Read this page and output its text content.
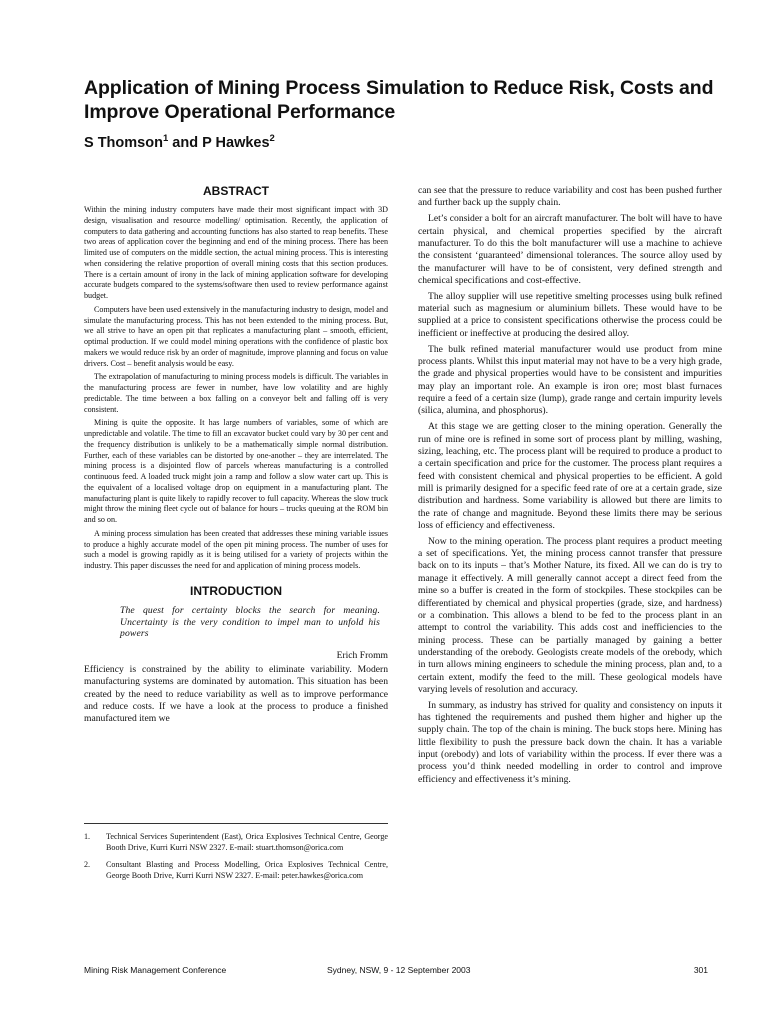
Application of Mining Process Simulation to Reduce Risk, Costs and Improve Operational Performance
S Thomson$^1$ and P Hawkes$^2$
ABSTRACT

Within the mining industry computers have made their most significant impact with 3D design, visualisation and resource modelling/ optimisation. Recently, the application of computers to data gathering and accounting functions has also started to reap benefits. These two areas of application cover the beginning and end of the mining process. There has been limited use of computers on the middle section, the actual mining process. This is interesting when considering the relative proportion of overall mining costs that this section produces. There is a certain amount of irony in the lack of mining application software for developing accurate budgets compared to the systems/software then used to review performance against budget.

Computers have been used extensively in the manufacturing industry to design, model and simulate the manufacturing process. This has not been extended to the mining process. But, we all strive to have an open pit that replicates a manufacturing plant – smooth, efficient, optimal production. If we could model mining operations with the confidence of plastic box makers we would reduce risk by an order of magnitude, improve planning and focus on value drivers. Cost – benefit analysis would be easy.

The extrapolation of manufacturing to mining process models is difficult. The variables in the manufacturing process are fewer in number, have low volatility and are highly predictable. The time between a box falling on a conveyor belt and falling off is very consistent.

Mining is quite the opposite. It has large numbers of variables, some of which are unpredictable and volatile. The time to fill an excavator bucket could vary by 30 per cent and the frequency distribution is unlikely to be a mathematically simple normal distribution. Further, each of these variables can be distorted by one-another – they are interrelated. The mining process is a disjointed flow of parcels whereas manufacturing is a controlled continuous feed. A loaded truck might join a ramp and follow a slow water cart up. This is the equivalent of a localised voltage drop on equipment in a manufacturing plant. The manufacturing plant is quite likely to rapidly recover to full capacity. Whereas the slow truck might throw the mining fleet cycle out of balance for hours – trucks queuing at the ROM bin and so on.

A mining process simulation has been created that addresses these mining variable issues to produce a highly accurate model of the open pit mining process. The number of uses for such a model is growing rapidly as it is being utilised for a variety of projects within the industry. This paper discusses the need for and application of mining process models.

INTRODUCTION

The quest for certainty blocks the search for meaning. Uncertainty is the very condition to impel man to unfold his powers

Erich Fromm

Efficiency is constrained by the ability to eliminate variability. Modern manufacturing systems are dominated by automation. This situation has been created by the need to reduce variability as well as to improve performance and reduce costs. If we have a look at the process to produce a finished manufactured item we

1.	Technical Services Superintendent (East), Orica Explosives Technical Centre, George Booth Drive, Kurri Kurri NSW 2327. E-mail: stuart.thomson@orica.com
2.	Consultant Blasting and Process Modelling, Orica Explosives Technical Centre, George Booth Drive, Kurri Kurri NSW 2327. E-mail: peter.hawkes@orica.com

can see that the pressure to reduce variability and cost has been pushed further and further back up the supply chain.

Let’s consider a bolt for an aircraft manufacturer. The bolt will have to have certain physical, and chemical properties specified by the aircraft manufacturer. To do this the bolt manufacturer will use a machine to achieve the consistent ‘guaranteed’ dimensional tolerances. The source alloy used by the manufacturer will have to be of consistent, very defined strength and chemical specifications and cost-effective.

The alloy supplier will use repetitive smelting processes using bulk refined material such as magnesium or aluminium billets. These would have to be supplied at a price to consistent specifications otherwise the process could be inefficient or ineffective at producing the desired alloy.

The bulk refined material manufacturer would use product from mine process plants. Whilst this input material may not have to be a very high grade, the grade and physical properties would have to be consistent and impurities may play an important role. An example is iron ore; most blast furnaces require a feed of a certain size (lump), grade range and certain impurity levels (silica, alumina, and phosphorus).

At this stage we are getting closer to the mining operation. Generally the run of mine ore is refined in some sort of process plant by milling, washing, sizing, leaching, etc. The process plant will be required to produce a product to a certain specification and price for the customer. The process plant requires a feed with consistent chemical and physical properties to be efficient. A gold mill is primarily designed for a specific feed rate of ore at a certain grade, size distribution and hardness. Some variability is allowed but there are limits to the rate of change and magnitude. Beyond these limits there may be serious loss of efficiency and effectiveness.

Now to the mining operation. The process plant requires a product meeting a set of specifications. Yet, the mining process cannot transfer that pressure back on to its inputs – that’s Mother Nature, its fixed. All we can do is try to manage it effectively. A mill generally cannot accept a direct feed from the mine so a buffer is created in the form of stockpiles. These stockpiles can be differentiated by chemical and physical properties (grade, size, and hardness) or a combination. This allows a blend to be fed to the process plant in an attempt to control the variability. This adds cost and inefficiencies to the mining process. These can be partially managed by gaining a better understanding of the orebody. Geologists create models of the orebody, which in turn allows mining engineers to schedule the mining process, plan and, to a certain extent, modify the feed to the mill. These geological models have varying levels of resolution and accuracy.

In summary, as industry has strived for quality and consistency on inputs it has tightened the requirements and pushed them higher and higher up the supply chain. The top of the chain is mining. The buck stops here. Mining has little flexibility to push the pressure back down the chain. It has a variable input (orebody) and lots of variability within the process. If ever there was a process you’d think needed modelling in order to control and improve efficiency and effectiveness it’s mining.

Mining Risk Management Conference	Sydney, NSW, 9 - 12 September 2003	301
